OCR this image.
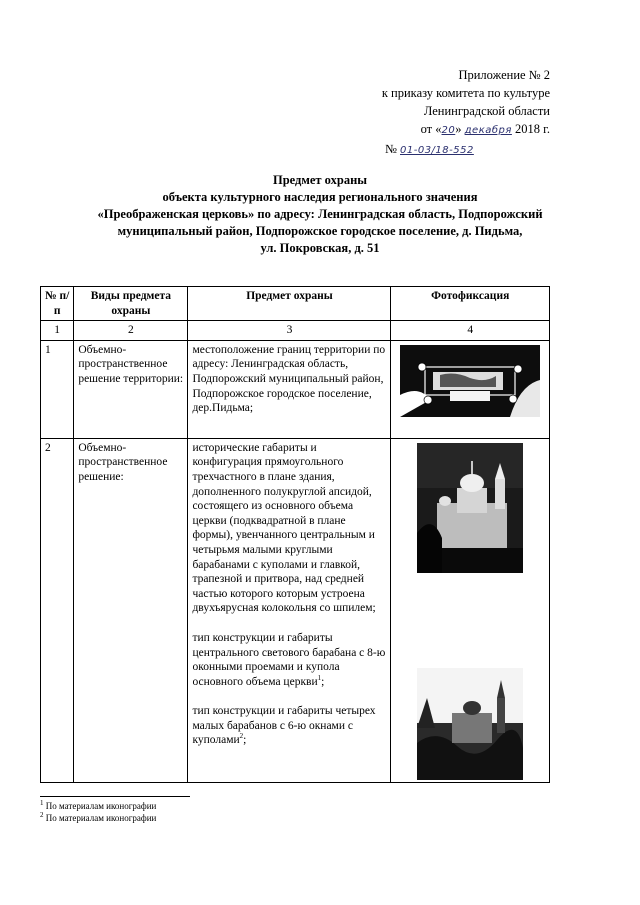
Приложение № 2
к приказу комитета по культуре
Ленинградской области
от «20» декабря 2018 г.
№ 01-03/18-552
Предмет охраны
объекта культурного наследия регионального значения
«Преображенская церковь» по адресу: Ленинградская область, Подпорожский
муниципальный район, Подпорожское городское поселение, д. Пидьма,
ул. Покровская, д. 51
№ п/п	Виды предмета охраны	Предмет охраны	Фотофиксация
1	2	3	4
1	Объемно-пространственное решение территории:	местоположение границ территории по адресу: Ленинградская область, Подпорожский муниципальный район, Подпорожское городское поселение, дер.Пидьма;

2	Объемно-пространственное решение:	исторические габариты и конфигурация прямоугольного трехчастного в плане здания, дополненного полукруглой апсидой, состоящего из основного объема церкви (подквадратной в плане формы), увенчанного центральным и четырьмя малыми круглыми барабанами с куполами и главкой, трапезной и притвора, над средней частью которого которым устроена двухъярусная колокольня со шпилем;

тип конструкции и габариты центрального светового барабана с 8-ю оконными проемами и купола основного объема церкви$^1$;

тип конструкции и габариты четырех малых барабанов с 6-ю окнами с куполами$^2$;

$^1$ По материалам иконографии
$^2$ По материалам иконографии
